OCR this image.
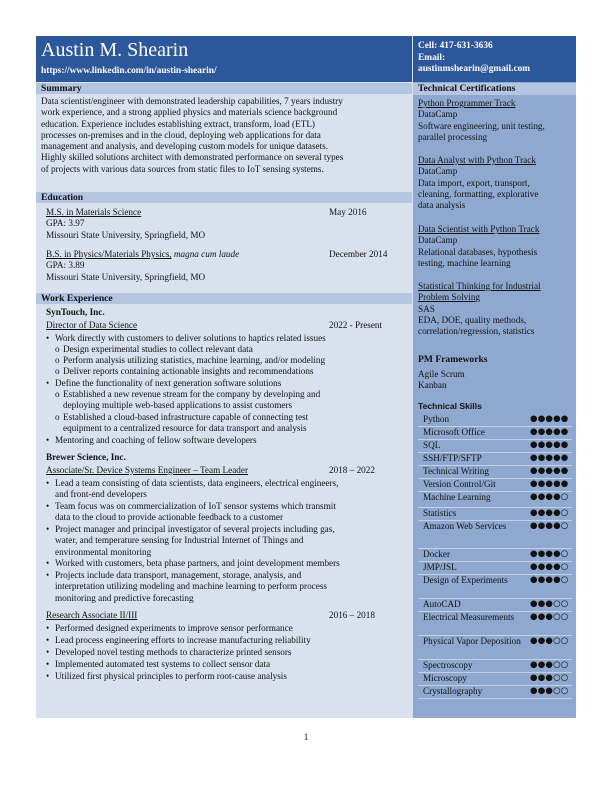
Austin M. Shearin
https://www.linkedin.com/in/austin-shearin/
Summary
Data scientist/engineer with demonstrated leadership capabilities, 7 years industry
work experience, and a strong applied physics and materials science background
education. Experience includes establishing extract, transform, load (ETL)
processes on-premises and in the cloud, deploying web applications for data
management and analysis, and developing custom models for unique datasets.
Highly skilled solutions architect with demonstrated performance on several types
of projects with various data sources from static files to IoT sensing systems.
Education
M.S. in Materials Science	May 2016
GPA: 3.97
Missouri State University, Springfield, MO
B.S. in Physics/Materials Physics, magna cum laude	December 2014
GPA: 3.89
Missouri State University, Springfield, MO
Work Experience
SynTouch, Inc.
Director of Data Science	2022 - Present
• Work directly with customers to deliver solutions to haptics related issues
o Design experimental studies to collect relevant data
o Perform analysis utilizing statistics, machine learning, and/or modeling
o Deliver reports containing actionable insights and recommendations
• Define the functionality of next generation software solutions
o Established a new revenue stream for the company by developing and
deploying multiple web-based applications to assist customers
o Established a cloud-based infrastructure capable of connecting test
equipment to a centralized resource for data transport and analysis
• Mentoring and coaching of fellow software developers
Brewer Science, Inc.
Associate/Sr. Device Systems Engineer – Team Leader	2018 – 2022
• Lead a team consisting of data scientists, data engineers, electrical engineers,
and front-end developers
• Team focus was on commercialization of IoT sensor systems which transmit
data to the cloud to provide actionable feedback to a customer
• Project manager and principal investigator of several projects including gas,
water, and temperature sensing for Industrial Internet of Things and
environmental monitoring
• Worked with customers, beta phase partners, and joint development members
• Projects include data transport, management, storage, analysis, and
interpretation utilizing modeling and machine learning to perform process
monitoring and predictive forecasting
Research Associate II/III	2016 – 2018
• Performed designed experiments to improve sensor performance
• Lead process engineering efforts to increase manufacturing reliability
• Developed novel testing methods to characterize printed sensors
• Implemented automated test systems to collect sensor data
• Utilized first physical principles to perform root-cause analysis
Cell: 417-631-3636
Email:
austinmshearin@gmail.com
Technical Certifications
Python Programmer Track
DataCamp
Software engineering, unit testing,
parallel processing
Data Analyst with Python Track
DataCamp
Data import, export, transport,
cleaning, formatting, explorative
data analysis
Data Scientist with Python Track
DataCamp
Relational databases, hypothesis
testing, machine learning
Statistical Thinking for Industrial
Problem Solving
SAS
EDA, DOE, quality methods,
correlation/regression, statistics
PM Frameworks
Agile Scrum
Kanban
Technical Skills
Python	●●●●●
Microsoft Office	●●●●●
SQL	●●●●●
SSH/FTP/SFTP	●●●●●
Technical Writing	●●●●●
Version Control/Git	●●●●●
Machine Learning	●●●●○
Statistics	●●●●○
Amazon Web Services	●●●●○
Docker	●●●●○
JMP/JSL	●●●●○
Design of Experiments	●●●●○
AutoCAD	●●●○○
Electrical Measurements	●●●○○
Physical Vapor Deposition ●●●○○
Spectroscopy	●●●○○
Microscopy	●●●○○
Crystallography	●●●○○
1
